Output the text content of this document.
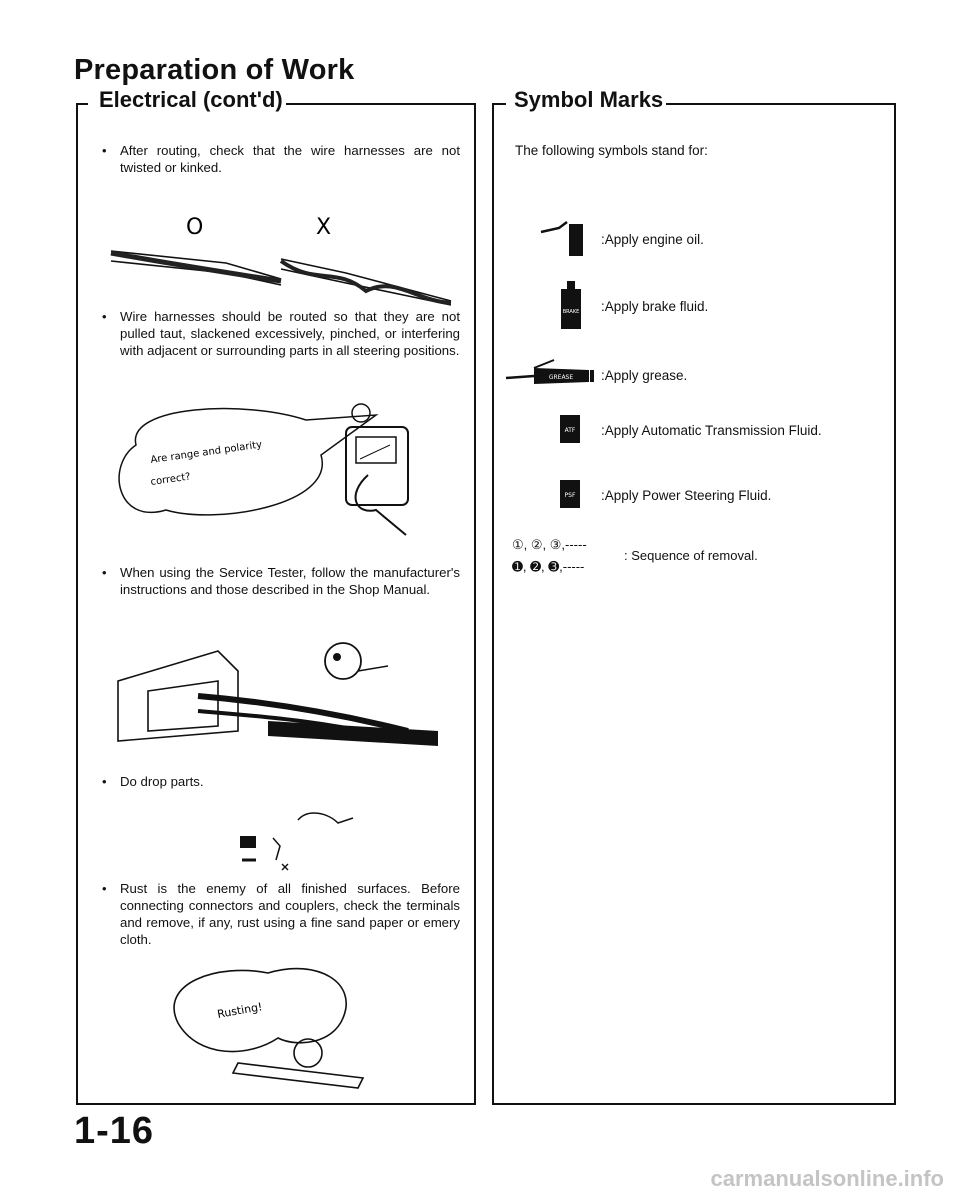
Preparation of Work
Electrical (cont'd)
• After routing, check that the wire harnesses are not twisted or kinked.
O	X
• Wire harnesses should be routed so that they are not pulled taut, slackened excessively, pinched, or interfering with adjacent or surrounding parts in all steering positions.
Are range and polarity
correct?
• When using the Service Tester, follow the manufacturer's instructions and those described in the Shop Manual.
• Do drop parts.
• Rust is the enemy of all finished surfaces. Before connecting connectors and couplers, check the terminals and remove, if any, rust using a fine sand paper or emery cloth.
Rusting!
Symbol Marks
The following symbols stand for:
:Apply engine oil.
BRAKE :Apply brake fluid.
GREASE :Apply grease.
ATF :Apply Automatic Transmission Fluid.
PSF :Apply Power Steering Fluid.
①, ②, ③,-----
➊, ➋, ➌,-----
: Sequence of removal.
1-16
carmanualsonline.info
